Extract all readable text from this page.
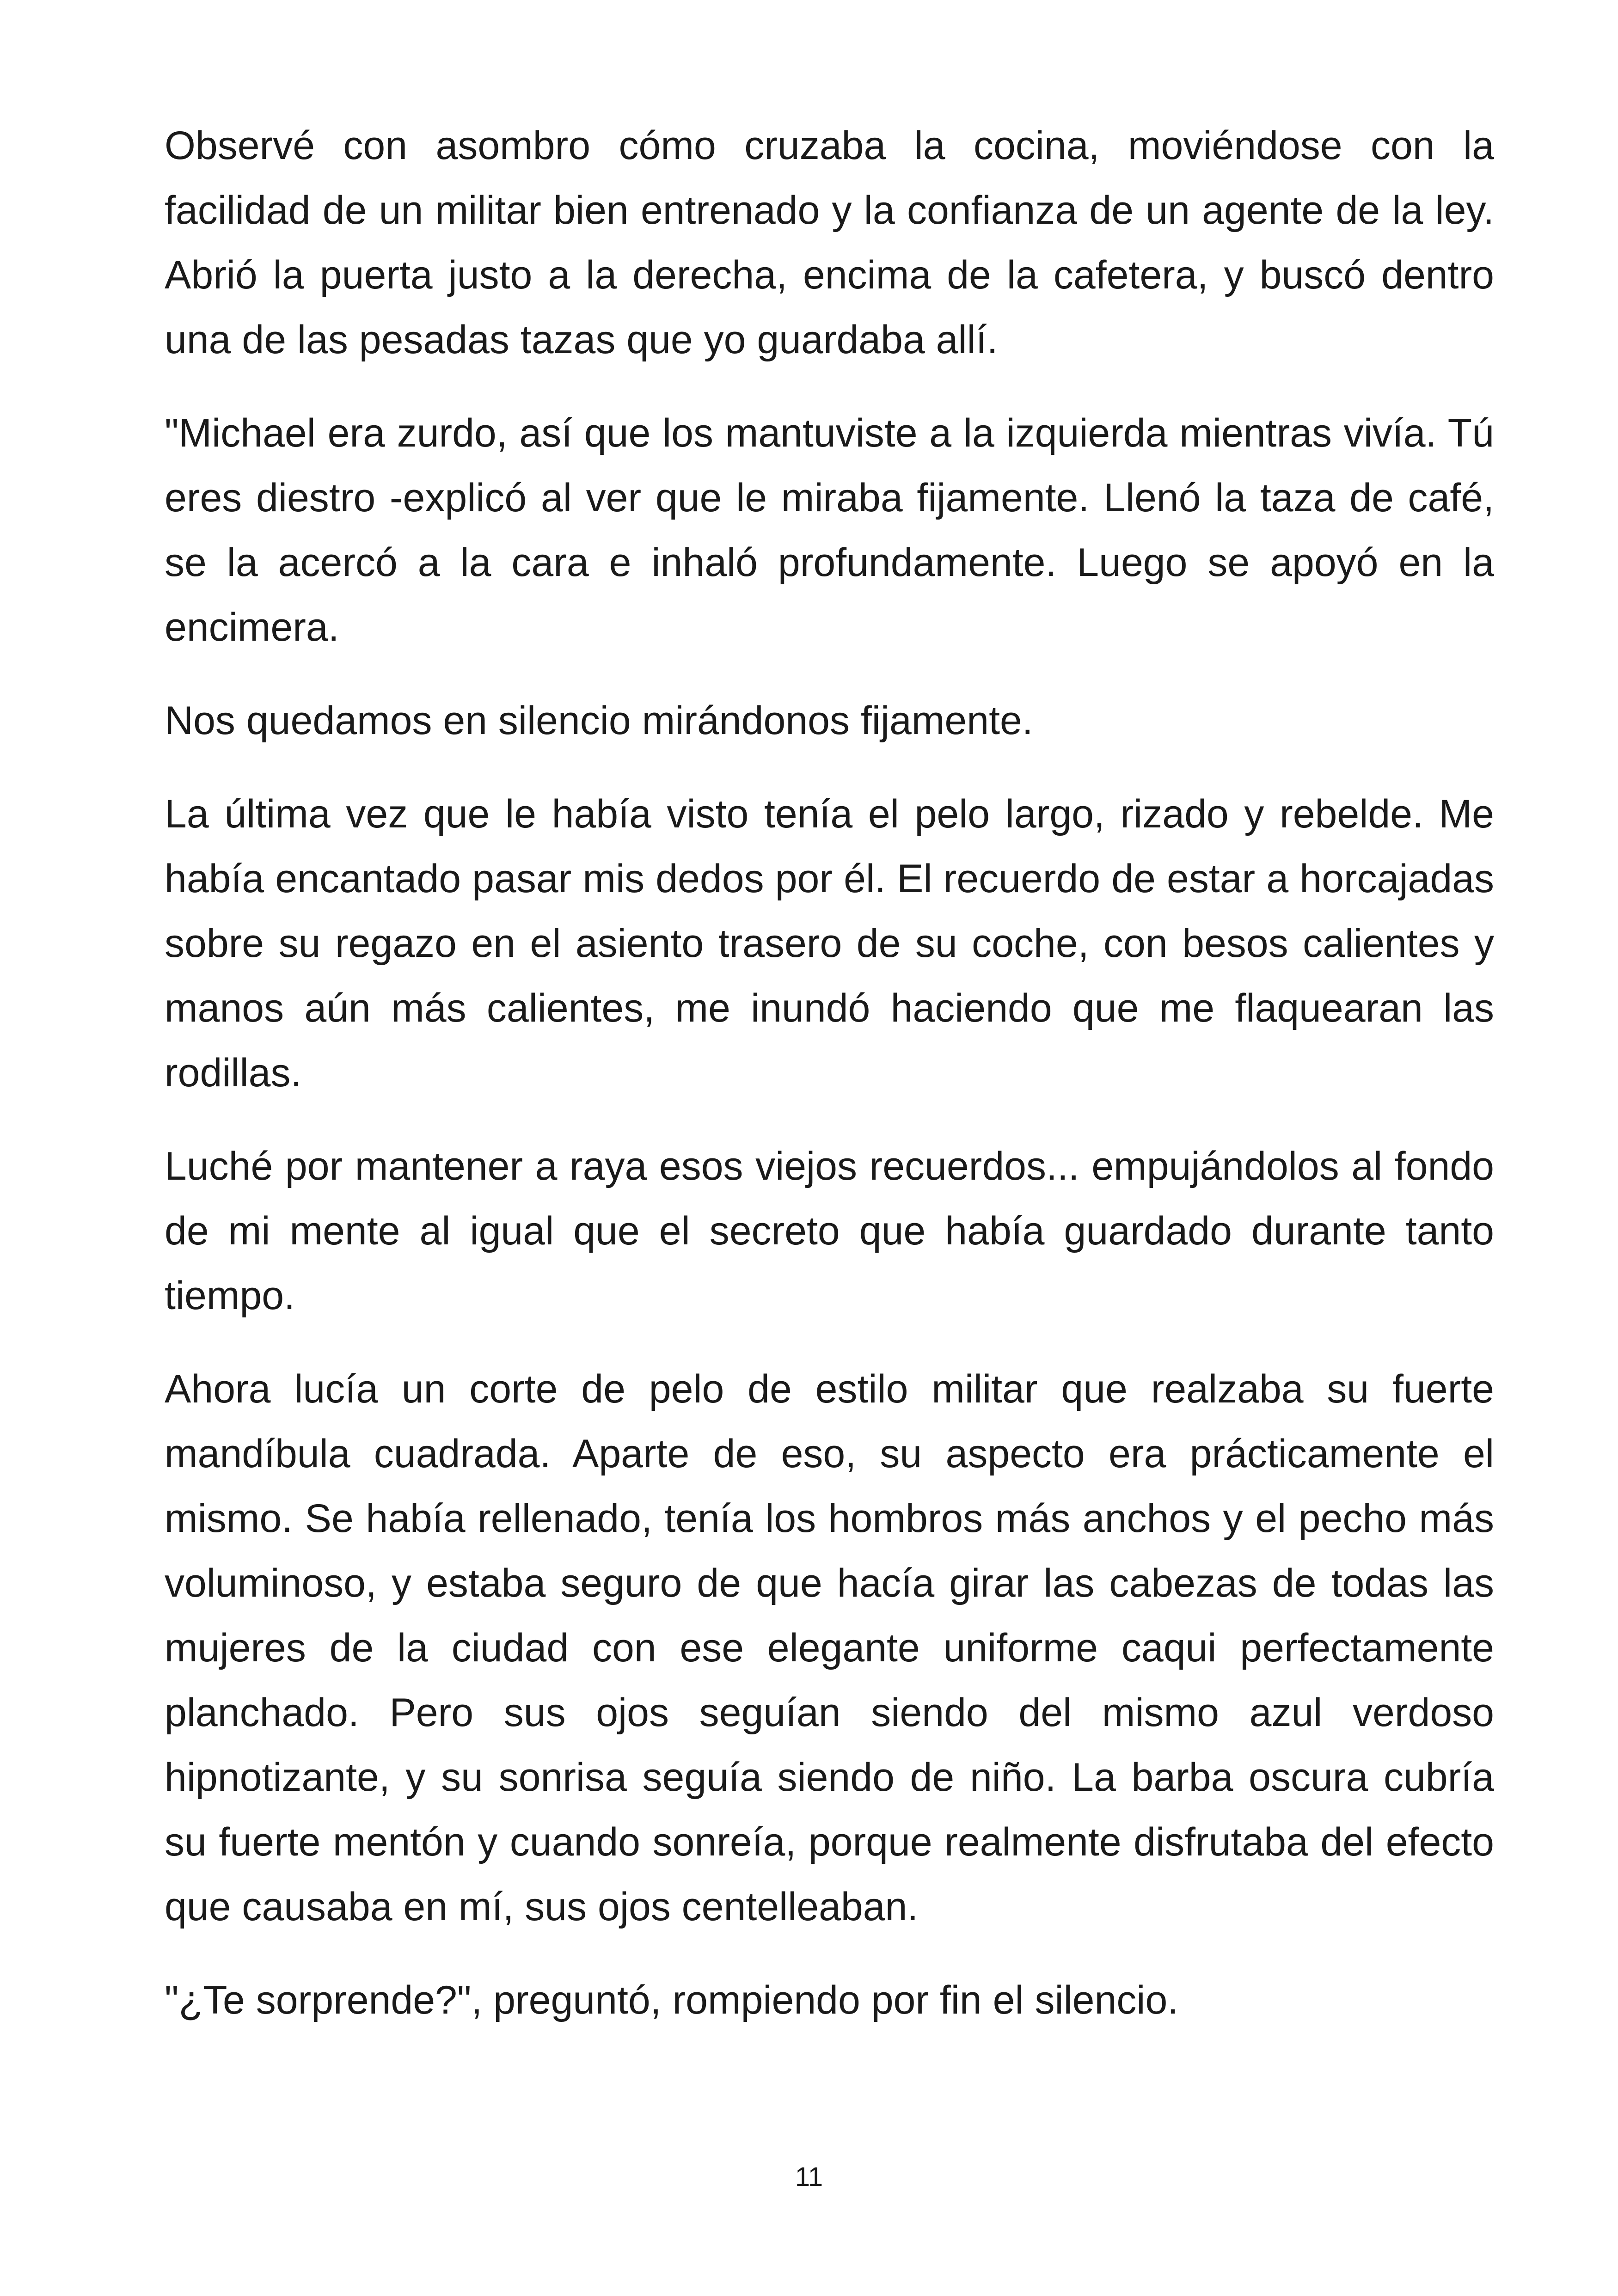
Observé con asombro cómo cruzaba la cocina, moviéndose con la facilidad de un militar bien entrenado y la confianza de un agente de la ley. Abrió la puerta justo a la derecha, encima de la cafetera, y buscó dentro una de las pesadas tazas que yo guardaba allí.

"Michael era zurdo, así que los mantuviste a la izquierda mientras vivía. Tú eres diestro -explicó al ver que le miraba fijamente. Llenó la taza de café, se la acercó a la cara e inhaló profundamente. Luego se apoyó en la encimera.

Nos quedamos en silencio mirándonos fijamente.

La última vez que le había visto tenía el pelo largo, rizado y rebelde. Me había encantado pasar mis dedos por él. El recuerdo de estar a horcajadas sobre su regazo en el asiento trasero de su coche, con besos calientes y manos aún más calientes, me inundó haciendo que me flaquearan las rodillas.

Luché por mantener a raya esos viejos recuerdos... empujándolos al fondo de mi mente al igual que el secreto que había guardado durante tanto tiempo.

Ahora lucía un corte de pelo de estilo militar que realzaba su fuerte mandíbula cuadrada. Aparte de eso, su aspecto era prácticamente el mismo. Se había rellenado, tenía los hombros más anchos y el pecho más voluminoso, y estaba seguro de que hacía girar las cabezas de todas las mujeres de la ciudad con ese elegante uniforme caqui perfectamente planchado. Pero sus ojos seguían siendo del mismo azul verdoso hipnotizante, y su sonrisa seguía siendo de niño. La barba oscura cubría su fuerte mentón y cuando sonreía, porque realmente disfrutaba del efecto que causaba en mí, sus ojos centelleaban.

"¿Te sorprende?", preguntó, rompiendo por fin el silencio.

11
